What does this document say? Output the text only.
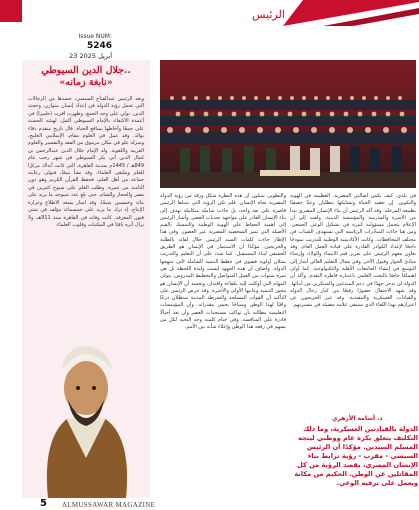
الرئيس
Issue NUM:
5246
23 أبريل 2025
جلال الدين السيوطي..
«نابغة زمانه»
وبعد الرئيس عبدالفتاح السيسي، حسدها من الرجالات التي تحمل رؤية الدولة في إعداد إنسان متوازن، وحجته الدين. تولي على وجه الجمع، وظهرت اقرت (جلبيرا) في أعمدة الاكتفاء، بالإمام السيوطي أكمل، لهيئته الحسنة على جمعًا وأحاطها بمنافع الحياة. قال تاريخ متقدم دقاء بوالد. وقد عمل في العلوم مقام، الإسلامي الخليج، ومنزلة علو في مكان مرموق من الفقه والتفسير والعلوم العربية واللغوية. ولد الإمام جلال الدين عبدالرحمن بن كمال الدين أبي بكر السيوطي في شهر رجب عام 849هـ / 1445م بمدينة القاهرة، التي كانت آنذاك مركزًا للعلم وملتقى العلماء. وقد نشأ يتيمًا، فتولى رعايته جماعة من أهل العلم، فحفظ القرآن الكريم وهو دون الثامنة من عمره. وطلب العلم على شيوخ كثيرين في مصر والحجاز والشام، حتى بلغ عدد شيوخه ما يزيد على مائة وخمسين شيخًا. وقد امتاز بسعة الاطلاع وغزارة الإنتاج، إذ ترك ما يزيد على خمسمائة مؤلف في شتى فنون المعرفة. كانت وفاته في القاهرة سنة 911هـ، ولا يزال أثره باقيًا في المكتبات وقلوب العلماء.
والتطوير، سكون أن هذه النظرة شكل ورقة من رؤية الدولة المصرية تجاه الإنسان. فلم تكن الرؤية التي يتبناها الرئيس قاصرة على بعد واحد، بل جاءت شاملة متكاملة تهدف إلى بناء الإنسان القادر على مواجهة تحديات العصر. وأشار الرئيس إلى أهمية الحفاظ على الهوية الوطنية والتمسك بالقيم الأصيلة التي تميز الشخصية المصرية عبر العصور. وفي هذا الإطار جاءت كلمات السيد الرئيس خلال لقائه بالطلبة والخريجين، مؤكدًا أن الاستثمار في الإنسان هو الطريق الحقيقي لبناء المستقبل. كما شدد على أن التعليم والتدريب يمثلان أولوية قصوى في خطط التنمية الشاملة التي تنتهجها الدولة. وأضاف أن هذه الجهود ليست وليدة اللحظة بل هي ثمرة سنوات من العمل المتواصل والتخطيط المدروس. يتولى المهام التي أوكلت إليه بكفاءة واقتدار، وتجسد أن الإنسان هو محور التنمية وغايتها الأولى والأخيرة. وقد حرص الرئيس على التأكيد أن القوات المسلحة والشرطة المدنية ستظلان درعًا واقيًا لهذا الوطن وسياجًا يحمي مقدراته. وأن المؤسسات التعليمية مطالبة بأن تواكب مستجدات العصر وأن تعد أجيالًا قادرة على المنافسة. وفي ختام كلمته وجه التحية لكل من يسهم في رفعة هذا الوطن وإعلاء شأنه بين الأمم.
في بلدي. كيف تكمن أصالتي المصرية. العظيمة في الهوية والتكوين. إن تعقيد الحياة وتشابكها يتطلبان وعيًا حقيقيًا بطبيعة المرحلة. وقد أكد الرئيس أن بناء الإنسان المصري يبدأ من الأسرة والمدرسة والمؤسسة الدينية. ولفت إلى أن الإعلام يتحمل مسؤولية كبيرة في تشكيل الوعي الجمعي. ومن هنا جاءت المبادرات الرئاسية التي تستهدف الشباب في مختلف المحافظات. وكانت الأكاديمية الوطنية للتدريب نموذجًا ناجحًا لإعداد الكوادر القادرة على قيادة العمل العام. وقد تعاون معهم الرئيس على تعزيز قيم الانتماء والولاء، وإرساء مبادئ الحوار وقبول الآخر. وفي مجال التعليم العالي أشار إلى التوسع في إنشاء الجامعات الأهلية والتكنولوجية. كما أولى اهتمامًا خاصًا بالبحث العلمي باعتباره قاطرة التقدم. وأكد أن الدولة لن تدخر جهدًا في دعم المبدعين والمبتكرين من أبنائها. وقد شهد الاحتفال حضورًا رفيعًا من كبار رجال الدولة والقيادات العسكرية والتنفيذية. وقد عبر الخريجون عن اعتزازهم بهذا اللقاء الذي سيبقى علامة مضيئة في مسيرتهم.
د. أسامة الأزهري
الدولة بالقيادتين العسكرية، وما ذلك التكليف يتعلق بكرة عام ووطني ليتجه المسلم السيدين. مؤكدًا أن الرئيس السيسي - مقرب - رؤية ترابط بناء الإنسان المصري، يقصد الرؤية من كل المقاتلين عن الوطن. الحكيم من مكانة ويعمل على ترفيه الوعي.
5 ALMUSSAWAR MAGAZINE
